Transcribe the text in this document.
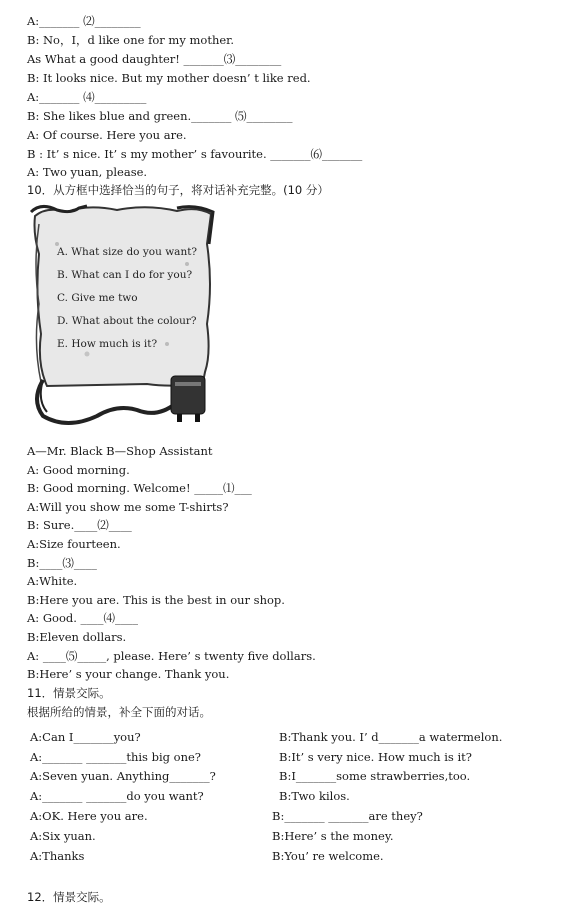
A:_______ ⑵________
B: No，I，d like one for my mother.
As What a good daughter! _______⑶________
B: It looks nice. But my mother doesn’ t like red.
A:_______ ⑷_________
B: She likes blue and green._______ ⑸________
A: Of course. Here you are.
B : It’ s nice. It’ s my mother’ s favourite. _______⑹_______
A: Two yuan, please.
10．从方框中选择恰当的句子，将对话补充完整。(10 分）
A. What size do you want?
B. What can I do for you?
C. Give me two
D. What about the colour?
E. How much is it?
A—Mr. Black B—Shop Assistant
A: Good morning.
B: Good morning. Welcome! _____⑴___
A:Will you show me some T-shirts?
B: Sure.____⑵____
A:Size fourteen.
B:____⑶____
A:White.
B:Here you are. This is the best in our shop.
A: Good. ____⑷____
B:Eleven dollars.
A: ____⑸_____, please. Here’ s twenty five dollars.
B:Here’ s your change. Thank you.
11．情景交际。
根据所给的情景，补全下面的对话。
A:Can I_______you?
A:_______ _______this big one?
A:Seven yuan. Anything_______?
A:_______ _______do you want?
A:OK. Here you are.
A:Six yuan.
A:Thanks
B:Thank you. I’ d_______a watermelon.
B:It’ s very nice. How much is it?
B:I_______some strawberries,too.
B:Two kilos.
B:_______ _______are they?
B:Here’ s the money.
B:You’ re welcome.
12．情景交际。
